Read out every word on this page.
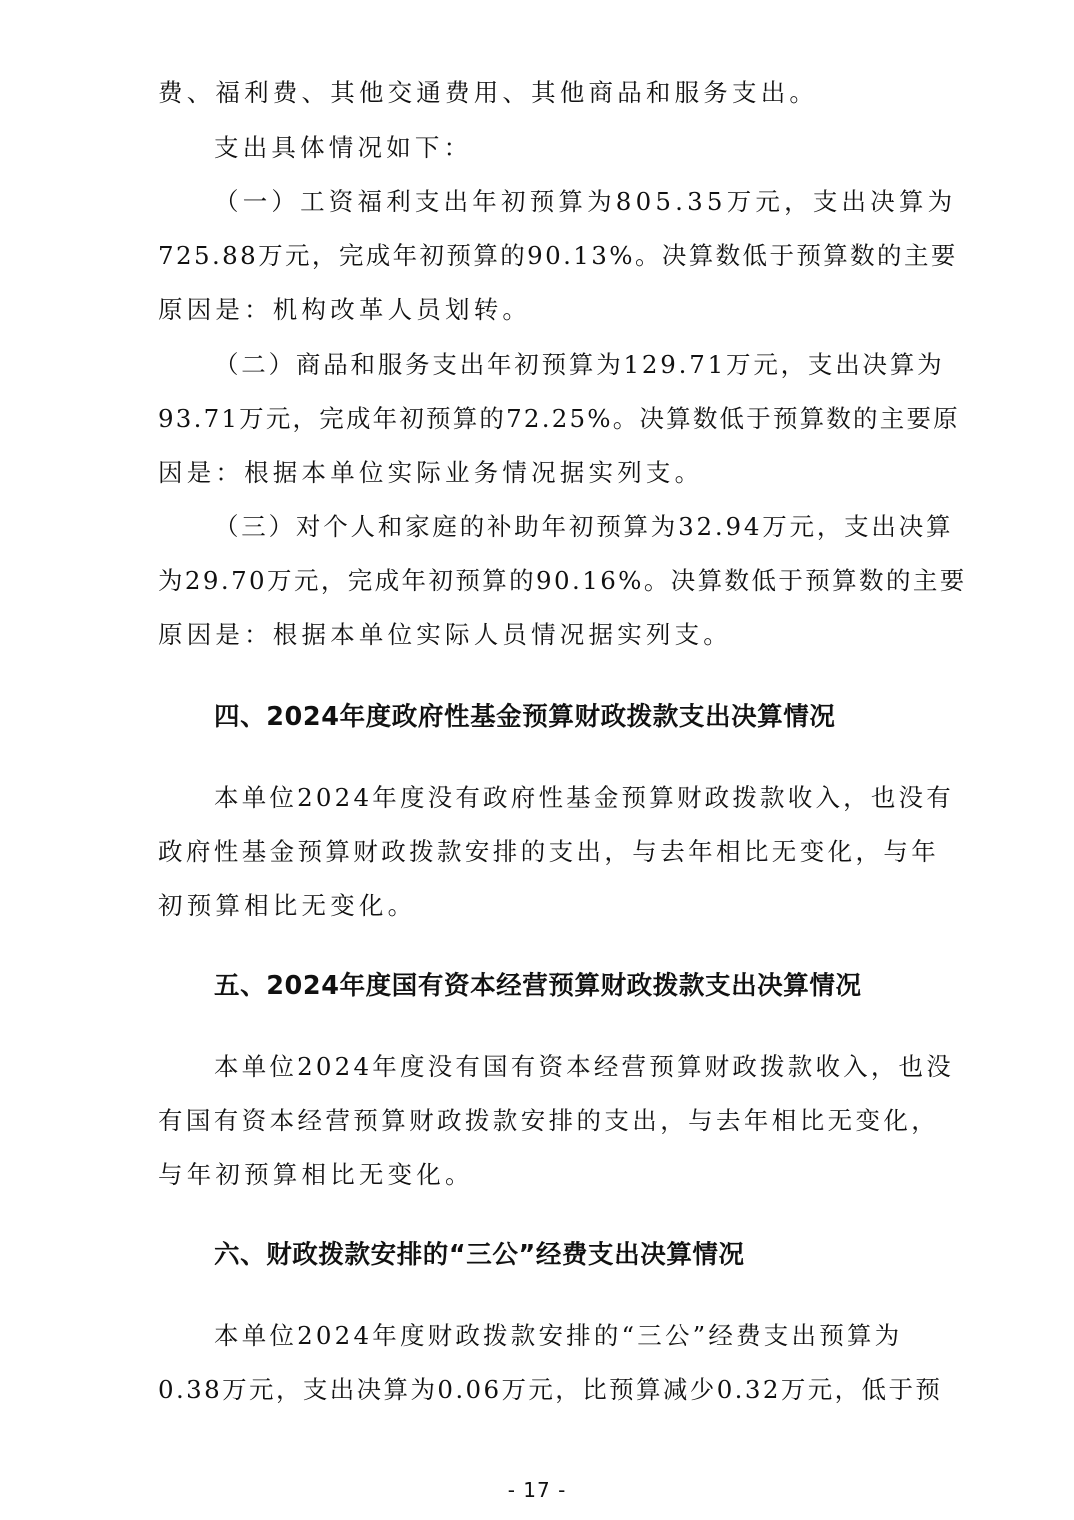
费、福利费、其他交通费用、其他商品和服务支出。
支出具体情况如下：
（一）工资福利支出年初预算为805.35万元，支出决算为
725.88万元，完成年初预算的90.13%。决算数低于预算数的主要
原因是：机构改革人员划转。
（二）商品和服务支出年初预算为129.71万元，支出决算为
93.71万元，完成年初预算的72.25%。决算数低于预算数的主要原
因是：根据本单位实际业务情况据实列支。
（三）对个人和家庭的补助年初预算为32.94万元，支出决算
为29.70万元，完成年初预算的90.16%。决算数低于预算数的主要
原因是：根据本单位实际人员情况据实列支。
四、2024年度政府性基金预算财政拨款支出决算情况
本单位2024年度没有政府性基金预算财政拨款收入，也没有
政府性基金预算财政拨款安排的支出，与去年相比无变化，与年
初预算相比无变化。
五、2024年度国有资本经营预算财政拨款支出决算情况
本单位2024年度没有国有资本经营预算财政拨款收入，也没
有国有资本经营预算财政拨款安排的支出，与去年相比无变化，
与年初预算相比无变化。
六、财政拨款安排的“三公”经费支出决算情况
本单位2024年度财政拨款安排的“三公”经费支出预算为
0.38万元，支出决算为0.06万元，比预算减少0.32万元，低于预
- 17 -
